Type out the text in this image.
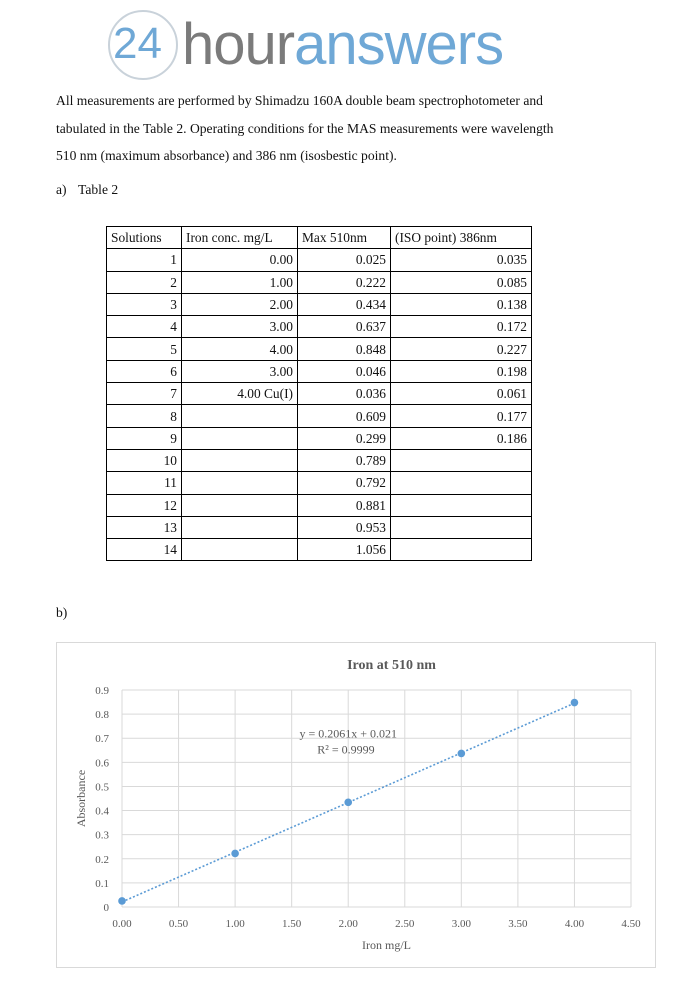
24 houranswers

All measurements are performed by Shimadzu 160A double beam spectrophotometer and
tabulated in the Table 2. Operating conditions for the MAS measurements were wavelength
510 nm (maximum absorbance) and 386 nm (isosbestic point).

a) Table 2
Solutions	Iron conc. mg/L	Max 510nm	(ISO point) 386nm
1	0.00	0.025	0.035
2	1.00	0.222	0.085
3	2.00	0.434	0.138
4	3.00	0.637	0.172
5	4.00	0.848	0.227
6	3.00	0.046	0.198
7	4.00 Cu(I)	0.036	0.061
8		0.609	0.177
9		0.299	0.186
10		0.789	
11		0.792	
12		0.881	
13		0.953	
14		1.056	
b)
0.00	0.50	1.00	1.50	2.00	2.50	3.00	3.50	4.00	4.50
0
0.1
0.2
0.3
0.4
0.5
0.6
0.7
0.8
0.9
Iron at 510 nm
Iron mg/L
Absorbance
y = 0.2061x + 0.021
R² = 0.9999
